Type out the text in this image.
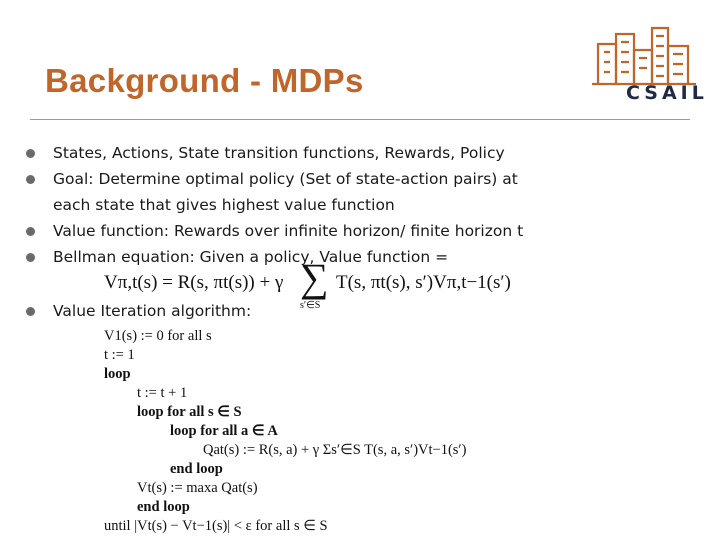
Background - MDPs	CSAIL
States, Actions, State transition functions, Rewards, Policy
Goal: Determine optimal policy (Set of state-action pairs) at
each state that gives highest value function
Value function: Rewards over infinite horizon/ finite horizon t
Bellman equation: Given a policy, Value function =
Value Iteration algorithm:
Vπ,t(s) = R(s, πt(s)) + γ ∑
s′∈S
T(s, πt(s), s′)Vπ,t−1(s′)
V1(s) := 0 for all s
t := 1
loop
t := t + 1
loop for all s ∈ S
loop for all a ∈ A
Qat(s) := R(s, a) + γ Σs′∈S T(s, a, s′)Vt−1(s′)
end loop
Vt(s) := maxa Qat(s)
end loop
until |Vt(s) − Vt−1(s)| < ε for all s ∈ S
